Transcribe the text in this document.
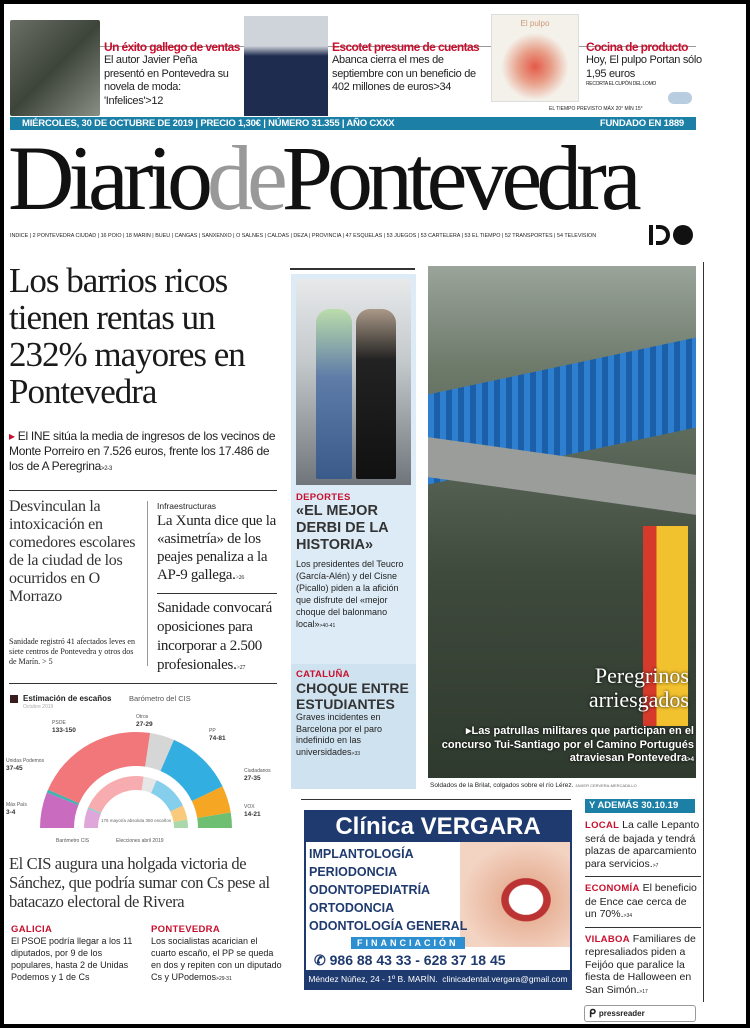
Un éxito gallego de ventas

El autor Javier Peña presentó en Pontevedra su novela de moda: 'Infelices'>12

Escotet presume de cuentas

Abanca cierra el mes de septiembre con un beneficio de 402 millones de euros>34

El pulpo
Cocina de producto

Hoy, El pulpo Portan sólo 1,95 euros

RECORTA EL CUPÓN DEL LOMO

EL TIEMPO PREVISTO MÁX 20° MÍN 15°
MIÉRCOLES, 30 DE OCTUBRE DE 2019 | PRECIO 1,30€ | NÚMERO 31.355 | AÑO CXXX	FUNDADO EN 1889
DiariodePontevedra
ÍNDICE | 2 PONTEVEDRA CIUDAD | 16 POIO | 18 MARÍN | BUEU | CANGAS | SANXENXO | O SALNÉS | CALDAS | DEZA | PROVINCIA | 47 ESQUELAS | 53 JUEGOS | 53 CARTELERA | 53 EL TIEMPO | 52 TRANSPORTES | 54 TELEVISIÓN
Los barrios ricos tienen rentas un 232% mayores en Pontevedra
▸ El INE sitúa la media de ingresos de los vecinos de Monte Porreiro en 7.526 euros, frente los 17.486 de los de A Peregrina>2-3
Desvinculan la intoxicación en comedores escolares de la ciudad de los ocurridos en O Morrazo
Sanidade registró 41 afectados leves en siete centros de Pontevedra y otros dos de Marín. > 5
Infraestructuras
La Xunta dice que la «asimetría» de los peajes penaliza a la AP-9 gallega.>26
Sanidade convocará oposiciones para incorporar a 2.500 profesionales.>27
Estimación de escaños Barómetro del CIS
Octubre 2019
Unidas Podemos
37-45
Más País
3-4
PSOE
133-150
Otros
27-29
PP
74-81
Ciudadanos
27-35
VOX
14-21
176 mayoría absoluta 350 escaños
Barómetro CIS	Elecciones abril 2019
El CIS augura una holgada victoria de Sánchez, que podría sumar con Cs pese al batacazo electoral de Rivera
GALICIA
El PSOE podría llegar a los 11 diputados, por 9 de los populares, hasta 2 de Unidas Podemos y 1 de Cs
PONTEVEDRA
Los socialistas acarician el cuarto escaño, el PP se queda en dos y repiten con un diputado Cs y UPodemos>29-31
DEPORTES
«EL MEJOR DERBI DE LA HISTORIA»
Los presidentes del Teucro (García-Alén) y del Cisne (Picallo) piden a la afición que disfrute del «mejor choque del balonmano local»>40-41
CATALUÑA
CHOQUE ENTRE ESTUDIANTES
Graves incidentes en Barcelona por el paro indefinido en las universidades>33
Peregrinos arriesgados
▸Las patrullas militares que participan en el concurso Tui-Santiago por el Camino Portugués atraviesan Pontevedra>4
Soldados de la Brilat, colgados sobre el río Lérez. JAVIER CERVERA-MERCADILLO
Clínica VERGARA
IMPLANTOLOGÍA
PERIODONCIA
ODONTOPEDIATRÍA
ORTODONCIA
ODONTOLOGÍA GENERAL
FINANCIACIÓN
✆ 986 88 43 33 - 628 37 18 45
Méndez Núñez, 24 - 1º B. MARÍN. clinicadental.vergara@gmail.com
Y ADEMÁS 30.10.19
LOCAL La calle Lepanto será de bajada y tendrá plazas de aparcamiento para servicios.>7
ECONOMÍA El beneficio de Ence cae cerca de un 70%.>34
VILABOA Familiares de represaliados piden a Feijóo que paralice la fiesta de Halloween en San Simón.>17
ᑭ pressreader
